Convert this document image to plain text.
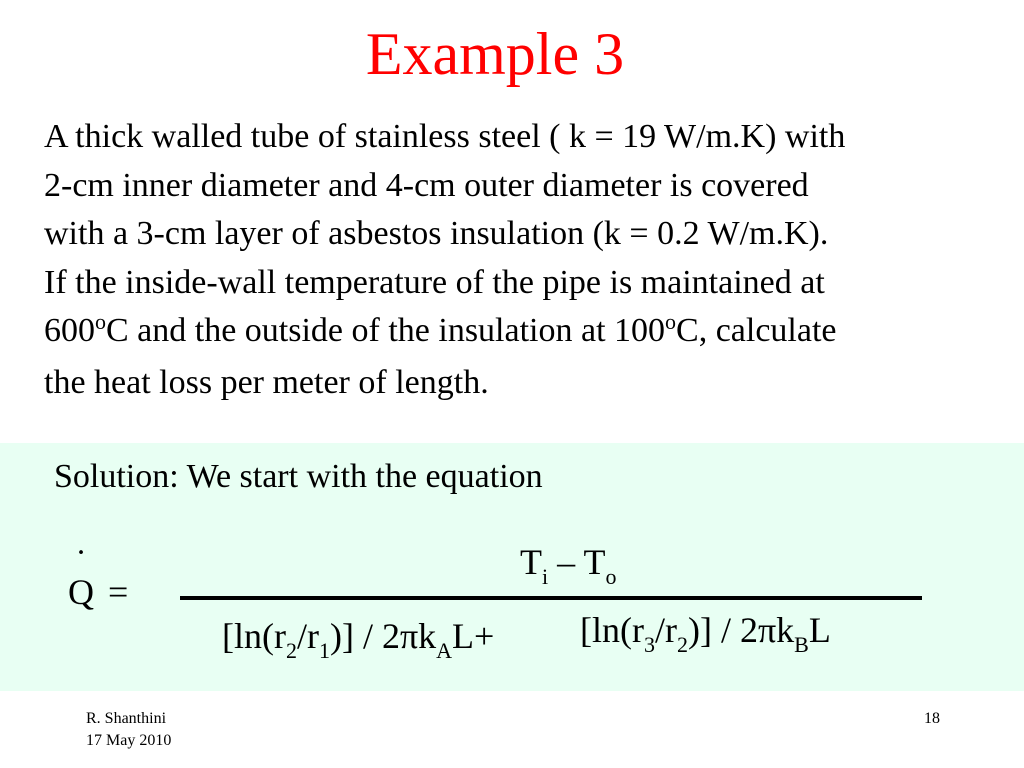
Example 3
A thick walled tube of stainless steel ( k = 19 W/m.K) with
2-cm inner diameter and 4-cm outer diameter is covered
with a 3-cm layer of asbestos insulation (k = 0.2 W/m.K).
If the inside-wall temperature of the pipe is maintained at
600$^o$C and the outside of the insulation at 100$^o$C, calculate
the heat loss per meter of length.
Solution: We start with the equation
˙
Q =
$T_i - T_o$
$[\ln(r_2/r_1)] / 2\pi k_AL+ [\ln(r_3/r_2)] / 2\pi k_BL$
R. Shanthini
17 May 2010
18
